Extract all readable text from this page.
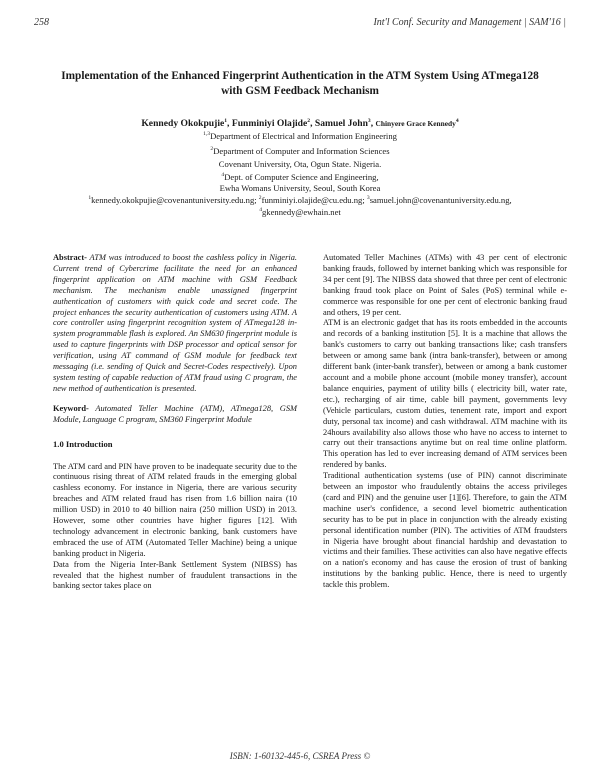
258	Int'l Conf. Security and Management | SAM'16 |
Implementation of the Enhanced Fingerprint Authentication in the ATM System Using ATmega128
with GSM Feedback Mechanism
Kennedy Okokpujie$^1$, Funminiyi Olajide$^2$, Samuel John$^3$, Chinyere Grace Kennedy$^4$
$^{1,3}$Department of Electrical and Information Engineering
$^2$Department of Computer and Information Sciences
Covenant University, Ota, Ogun State. Nigeria.
$^4$Dept. of Computer Science and Engineering,
Ewha Womans University, Seoul, South Korea
$^1$kennedy.okokpujie@covenantuniversity.edu.ng; $^2$funminiyi.olajide@cu.edu.ng; $^3$samuel.john@covenantuniversity.edu.ng,
$^4$gkennedy@ewhain.net

Abstract- ATM was introduced to boost the cashless policy in Nigeria. Current trend of Cybercrime facilitate the need for an enhanced fingerprint application on ATM machine with GSM Feedback mechanism. The mechanism enable unassigned fingerprint authentication of customers with quick code and secret code. The project enhances the security authentication of customers using ATM. A core controller using fingerprint recognition system of ATmega128 in-system programmable flash is explored. An SM630 fingerprint module is used to capture fingerprints with DSP processor and optical sensor for verification, using AT command of GSM module for feedback text messaging (i.e. sending of Quick and Secret-Codes respectively). Upon system testing of capable reduction of ATM fraud using C program, the new method of authentication is presented.

Keyword- Automated Teller Machine (ATM), ATmega128, GSM Module, Language C program, SM360 Fingerprint Module

1.0 Introduction

The ATM card and PIN have proven to be inadequate security due to the continuous rising threat of ATM related frauds in the emerging global cashless economy. For instance in Nigeria, there are various security breaches and ATM related fraud has risen from 1.6 billion naira (10 million USD) in 2010 to 40 billion naira (250 million USD) in 2013. However, some other countries have higher figures [12]. With technology advancement in electronic banking, bank customers have embraced the use of ATM (Automated Teller Machine) being a unique banking product in Nigeria.

Data from the Nigeria Inter-Bank Settlement System (NIBSS) has revealed that the highest number of fraudulent transactions in the banking sector takes place on

Automated Teller Machines (ATMs) with 43 per cent of electronic banking frauds, followed by internet banking which was responsible for 34 per cent [9]. The NIBSS data showed that three per cent of electronic banking fraud took place on Point of Sales (PoS) terminal while e-commerce was responsible for one per cent of electronic banking fraud and others, 19 per cent.

ATM is an electronic gadget that has its roots embedded in the accounts and records of a banking institution [5]. It is a machine that allows the bank's customers to carry out banking transactions like; cash transfers between or among same bank (intra bank-transfer), between or among different bank (inter-bank transfer), between or among a bank customer account and a mobile phone account (mobile money transfer), account balance enquiries, payment of utility bills ( electricity bill, water rate, etc.), recharging of air time, cable bill payment, governments levy (Vehicle particulars, custom duties, tenement rate, import and export duty, personal tax income) and cash withdrawal. ATM machine with its 24hours availability also allows those who have no access to internet to carry out their transactions anytime but on real time online platform. This operation has led to ever increasing demand of ATM services been rendered by banks.

Traditional authentication systems (use of PIN) cannot discriminate between an impostor who fraudulently obtains the access privileges (card and PIN) and the genuine user [1][6]. Therefore, to gain the ATM machine user's confidence, a second level biometric authentication security has to be put in place in conjunction with the already existing personal identification number (PIN). The activities of ATM fraudsters in Nigeria have brought about financial hardship and devastation to victims and their families. These activities can also have negative effects on a nation's economy and has cause the erosion of trust of banking institutions by the banking public. Hence, there is need to urgently tackle this problem.

ISBN: 1-60132-445-6, CSREA Press ©
